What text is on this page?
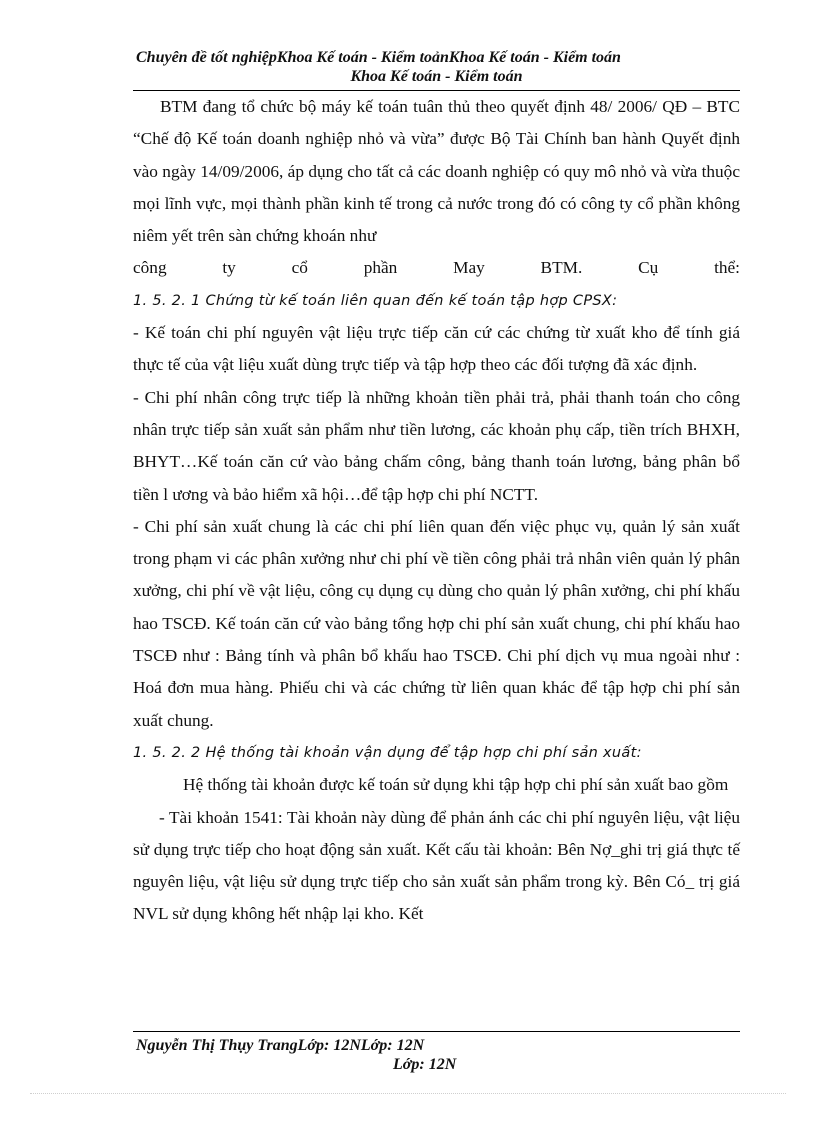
Chuyên đề tốt nghiệpKhoa Kế toán - Kiểm toảnKhoa Kế toán - Kiểm toán
Khoa Kế toán - Kiểm toán

BTM đang tổ chức bộ máy kế toán tuân thủ theo quyết định 48/ 2006/ QĐ – BTC “Chế độ Kế toán doanh nghiệp nhỏ và vừa” được Bộ Tài Chính ban hành Quyết định vào ngày 14/09/2006, áp dụng cho tất cả các doanh nghiệp có quy mô nhỏ và vừa thuộc mọi lĩnh vực, mọi thành phần kinh tế trong cả nước trong đó có công ty cổ phần không niêm yết trên sàn chứng khoán như

công	ty	cổ	phần	May	BTM.	Cụ	thể:

1. 5. 2. 1 Chứng từ kế toán liên quan đến kế toán tập hợp CPSX:

- Kế toán chi phí nguyên vật liệu trực tiếp căn cứ các chứng từ xuất kho để tính giá thực tế của vật liệu xuất dùng trực tiếp và tập hợp theo các đối tượng đã xác định.

- Chi phí nhân công trực tiếp là những khoản tiền phải trả, phải thanh toán cho công nhân trực tiếp sản xuất sản phẩm như tiền lương, các khoản phụ cấp, tiền trích BHXH, BHYT…Kế toán căn cứ vào bảng chấm công, bảng thanh toán lương, bảng phân bổ tiền l ương và bảo hiểm xã hội…để tập hợp chi phí NCTT.

- Chi phí sản xuất chung là các chi phí liên quan đến việc phục vụ, quản lý sản xuất trong phạm vi các phân xưởng như chi phí về tiền công phải trả nhân viên quản lý phân xưởng, chi phí về vật liệu, công cụ dụng cụ dùng cho quản lý phân xưởng, chi phí khấu hao TSCĐ. Kế toán căn cứ vào bảng tổng hợp chi phí sản xuất chung, chi phí khấu hao TSCĐ như : Bảng tính và phân bổ khấu hao TSCĐ. Chi phí dịch vụ mua ngoài như : Hoá đơn mua hàng. Phiếu chi và các chứng từ liên quan khác để tập hợp chi phí sản xuất chung.

1. 5. 2. 2 Hệ thống tài khoản vận dụng để tập hợp chi phí sản xuất:

Hệ thống tài khoản được kế toán sử dụng khi tập hợp chi phí sản xuất bao gồm

- Tài khoản 1541: Tài khoản này dùng để phản ánh các chi phí nguyên liệu, vật liệu sử dụng trực tiếp cho hoạt động sản xuất. Kết cấu tài khoản: Bên Nợ_ghi trị giá thực tế nguyên liệu, vật liệu sử dụng trực tiếp cho sản xuất sản phẩm trong kỳ. Bên Có_ trị giá NVL sử dụng không hết nhập lại kho. Kết

Nguyễn Thị Thụy TrangLớp: 12NLớp: 12N
Lớp: 12N
